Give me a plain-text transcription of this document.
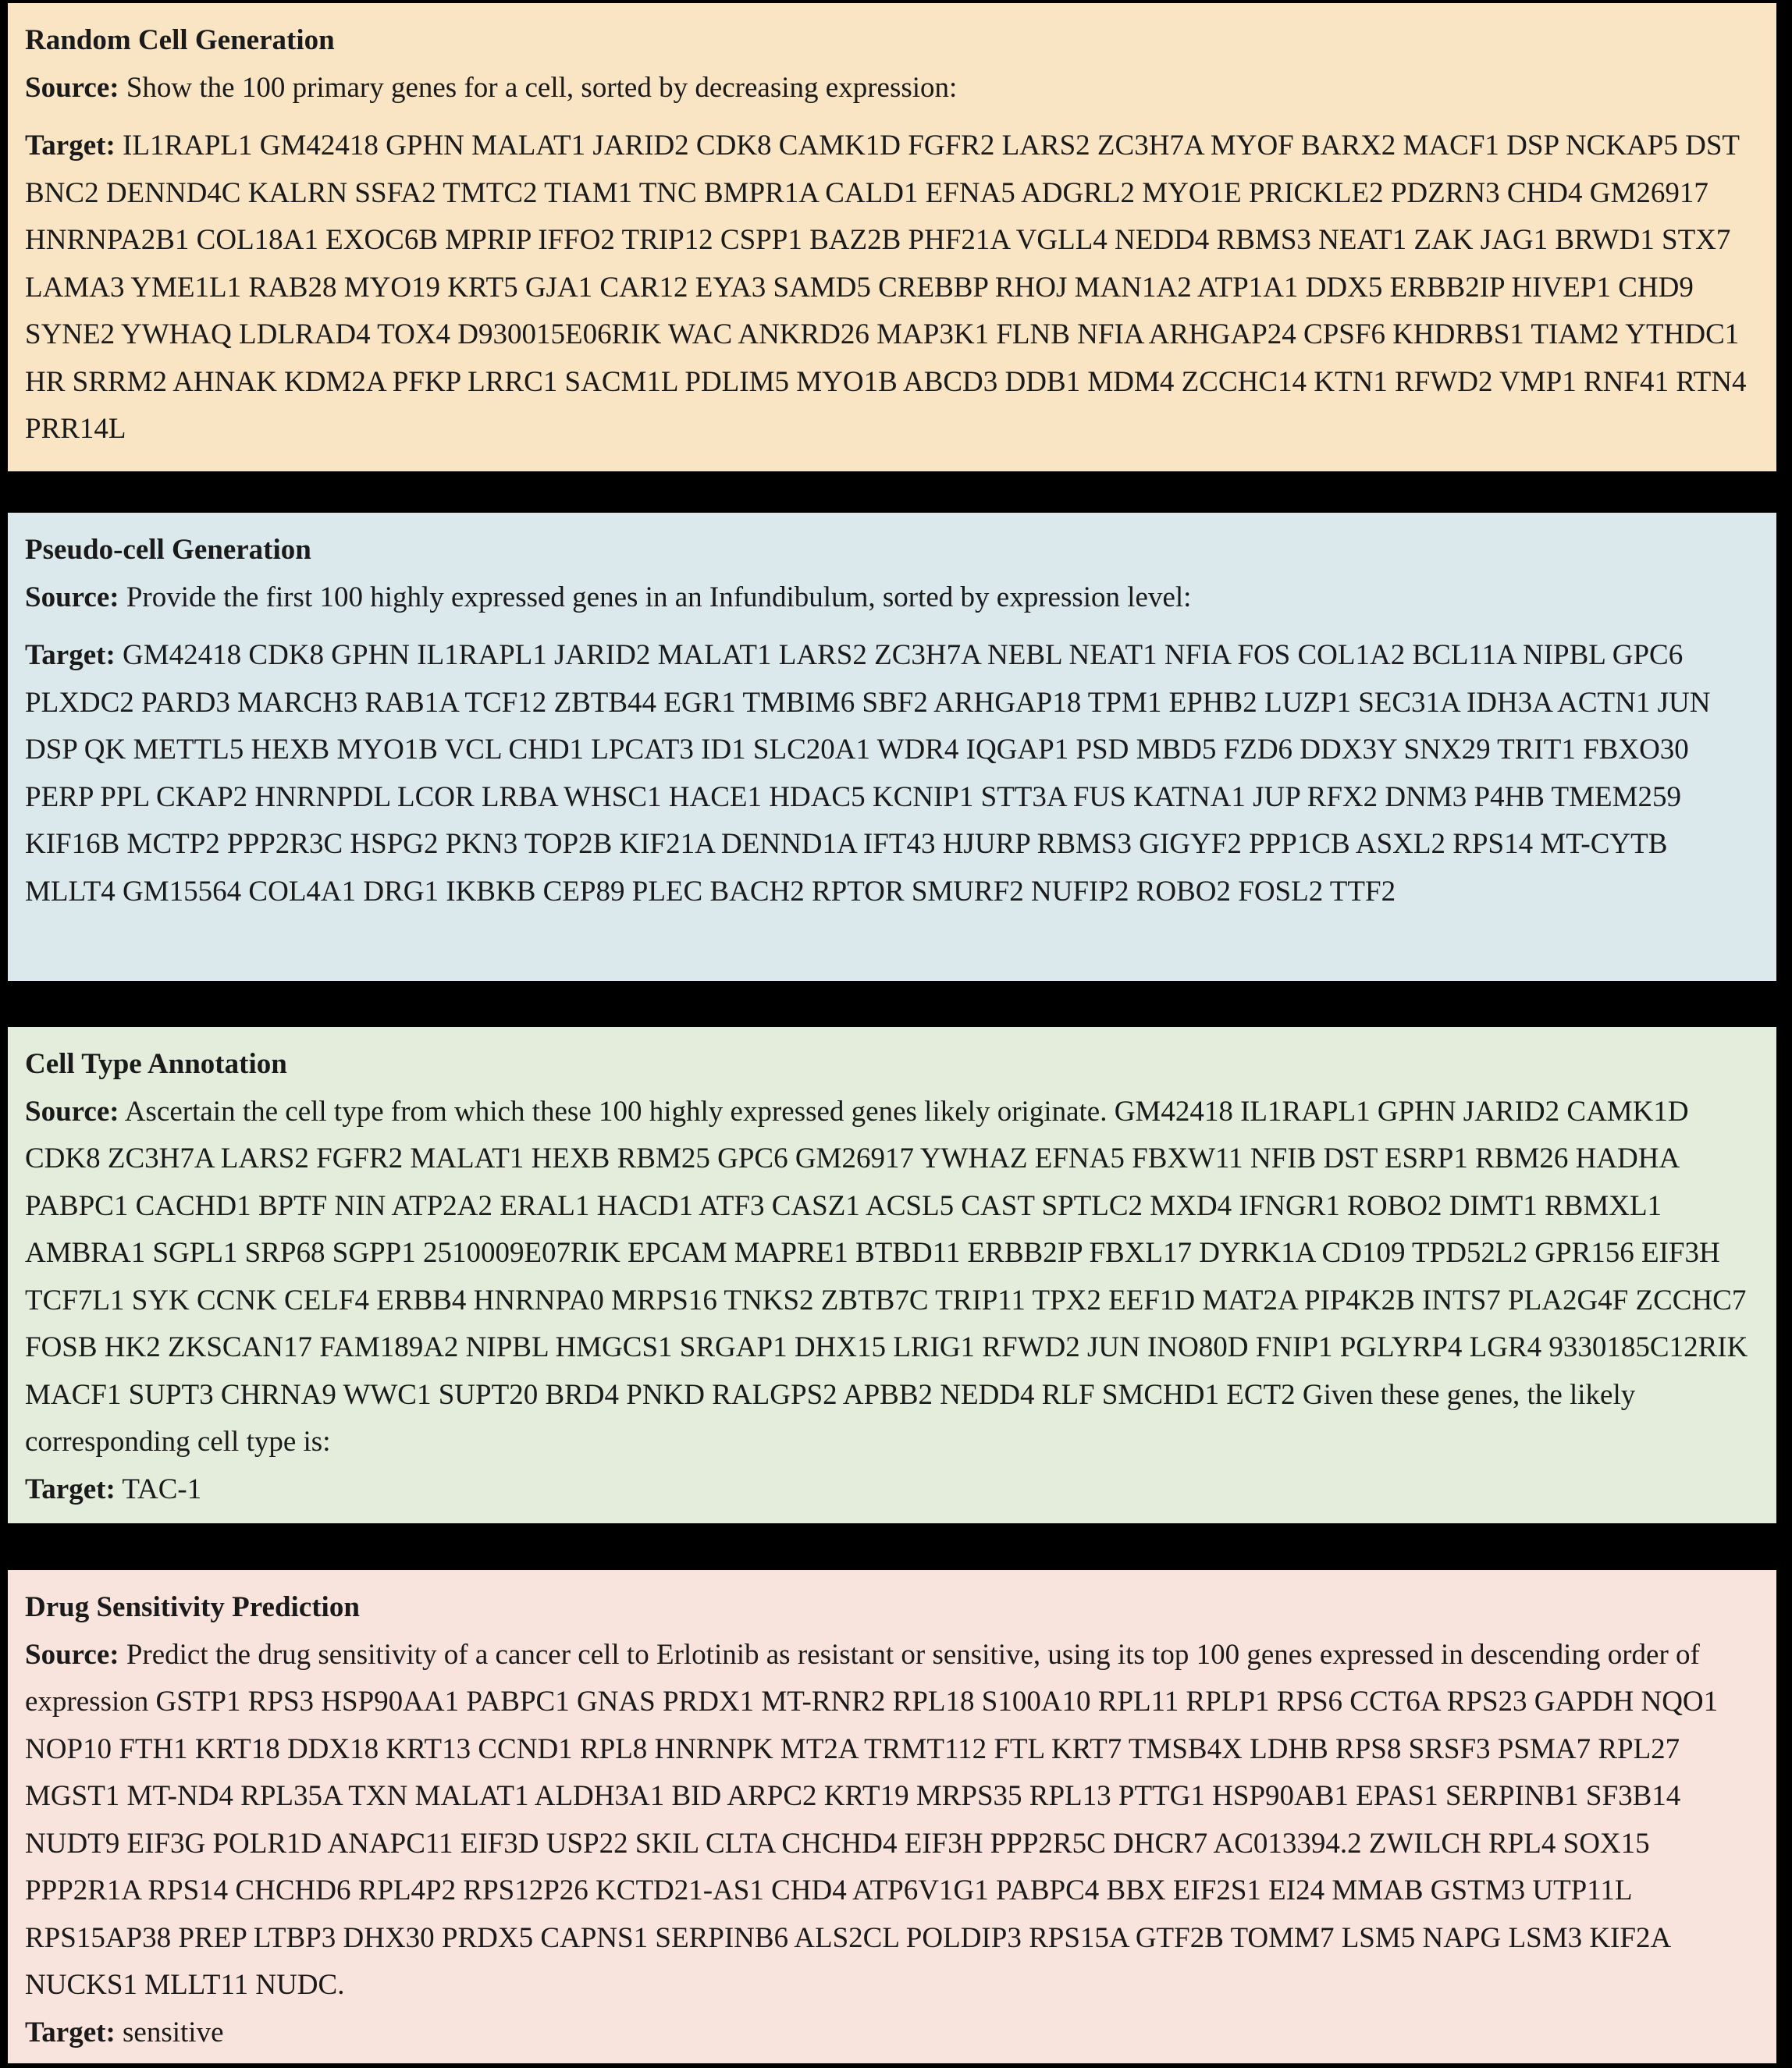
Random Cell Generation

Source: Show the 100 primary genes for a cell, sorted by decreasing expression:

Target: IL1RAPL1 GM42418 GPHN MALAT1 JARID2 CDK8 CAMK1D FGFR2 LARS2 ZC3H7A MYOF BARX2 MACF1 DSP NCKAP5 DST BNC2 DENND4C KALRN SSFA2 TMTC2 TIAM1 TNC BMPR1A CALD1 EFNA5 ADGRL2 MYO1E PRICKLE2 PDZRN3 CHD4 GM26917 HNRNPA2B1 COL18A1 EXOC6B MPRIP IFFO2 TRIP12 CSPP1 BAZ2B PHF21A VGLL4 NEDD4 RBMS3 NEAT1 ZAK JAG1 BRWD1 STX7 LAMA3 YME1L1 RAB28 MYO19 KRT5 GJA1 CAR12 EYA3 SAMD5 CREBBP RHOJ MAN1A2 ATP1A1 DDX5 ERBB2IP HIVEP1 CHD9 SYNE2 YWHAQ LDLRAD4 TOX4 D930015E06RIK WAC ANKRD26 MAP3K1 FLNB NFIA ARHGAP24 CPSF6 KHDRBS1 TIAM2 YTHDC1 HR SRRM2 AHNAK KDM2A PFKP LRRC1 SACM1L PDLIM5 MYO1B ABCD3 DDB1 MDM4 ZCCHC14 KTN1 RFWD2 VMP1 RNF41 RTN4 PRR14L

Pseudo-cell Generation

Source: Provide the first 100 highly expressed genes in an Infundibulum, sorted by expression level:

Target: GM42418 CDK8 GPHN IL1RAPL1 JARID2 MALAT1 LARS2 ZC3H7A NEBL NEAT1 NFIA FOS COL1A2 BCL11A NIPBL GPC6 PLXDC2 PARD3 MARCH3 RAB1A TCF12 ZBTB44 EGR1 TMBIM6 SBF2 ARHGAP18 TPM1 EPHB2 LUZP1 SEC31A IDH3A ACTN1 JUN DSP QK METTL5 HEXB MYO1B VCL CHD1 LPCAT3 ID1 SLC20A1 WDR4 IQGAP1 PSD MBD5 FZD6 DDX3Y SNX29 TRIT1 FBXO30 PERP PPL CKAP2 HNRNPDL LCOR LRBA WHSC1 HACE1 HDAC5 KCNIP1 STT3A FUS KATNA1 JUP RFX2 DNM3 P4HB TMEM259 KIF16B MCTP2 PPP2R3C HSPG2 PKN3 TOP2B KIF21A DENND1A IFT43 HJURP RBMS3 GIGYF2 PPP1CB ASXL2 RPS14 MT-CYTB MLLT4 GM15564 COL4A1 DRG1 IKBKB CEP89 PLEC BACH2 RPTOR SMURF2 NUFIP2 ROBO2 FOSL2 TTF2

Cell Type Annotation

Source: Ascertain the cell type from which these 100 highly expressed genes likely originate. GM42418 IL1RAPL1 GPHN JARID2 CAMK1D CDK8 ZC3H7A LARS2 FGFR2 MALAT1 HEXB RBM25 GPC6 GM26917 YWHAZ EFNA5 FBXW11 NFIB DST ESRP1 RBM26 HADHA PABPC1 CACHD1 BPTF NIN ATP2A2 ERAL1 HACD1 ATF3 CASZ1 ACSL5 CAST SPTLC2 MXD4 IFNGR1 ROBO2 DIMT1 RBMXL1 AMBRA1 SGPL1 SRP68 SGPP1 2510009E07RIK EPCAM MAPRE1 BTBD11 ERBB2IP FBXL17 DYRK1A CD109 TPD52L2 GPR156 EIF3H TCF7L1 SYK CCNK CELF4 ERBB4 HNRNPA0 MRPS16 TNKS2 ZBTB7C TRIP11 TPX2 EEF1D MAT2A PIP4K2B INTS7 PLA2G4F ZCCHC7 FOSB HK2 ZKSCAN17 FAM189A2 NIPBL HMGCS1 SRGAP1 DHX15 LRIG1 RFWD2 JUN INO80D FNIP1 PGLYRP4 LGR4 9330185C12RIK MACF1 SUPT3 CHRNA9 WWC1 SUPT20 BRD4 PNKD RALGPS2 APBB2 NEDD4 RLF SMCHD1 ECT2 Given these genes, the likely corresponding cell type is:

Target: TAC-1

Drug Sensitivity Prediction

Source: Predict the drug sensitivity of a cancer cell to Erlotinib as resistant or sensitive, using its top 100 genes expressed in descending order of expression GSTP1 RPS3 HSP90AA1 PABPC1 GNAS PRDX1 MT-RNR2 RPL18 S100A10 RPL11 RPLP1 RPS6 CCT6A RPS23 GAPDH NQO1 NOP10 FTH1 KRT18 DDX18 KRT13 CCND1 RPL8 HNRNPK MT2A TRMT112 FTL KRT7 TMSB4X LDHB RPS8 SRSF3 PSMA7 RPL27 MGST1 MT-ND4 RPL35A TXN MALAT1 ALDH3A1 BID ARPC2 KRT19 MRPS35 RPL13 PTTG1 HSP90AB1 EPAS1 SERPINB1 SF3B14 NUDT9 EIF3G POLR1D ANAPC11 EIF3D USP22 SKIL CLTA CHCHD4 EIF3H PPP2R5C DHCR7 AC013394.2 ZWILCH RPL4 SOX15 PPP2R1A RPS14 CHCHD6 RPL4P2 RPS12P26 KCTD21-AS1 CHD4 ATP6V1G1 PABPC4 BBX EIF2S1 EI24 MMAB GSTM3 UTP11L RPS15AP38 PREP LTBP3 DHX30 PRDX5 CAPNS1 SERPINB6 ALS2CL POLDIP3 RPS15A GTF2B TOMM7 LSM5 NAPG LSM3 KIF2A NUCKS1 MLLT11 NUDC.

Target: sensitive
